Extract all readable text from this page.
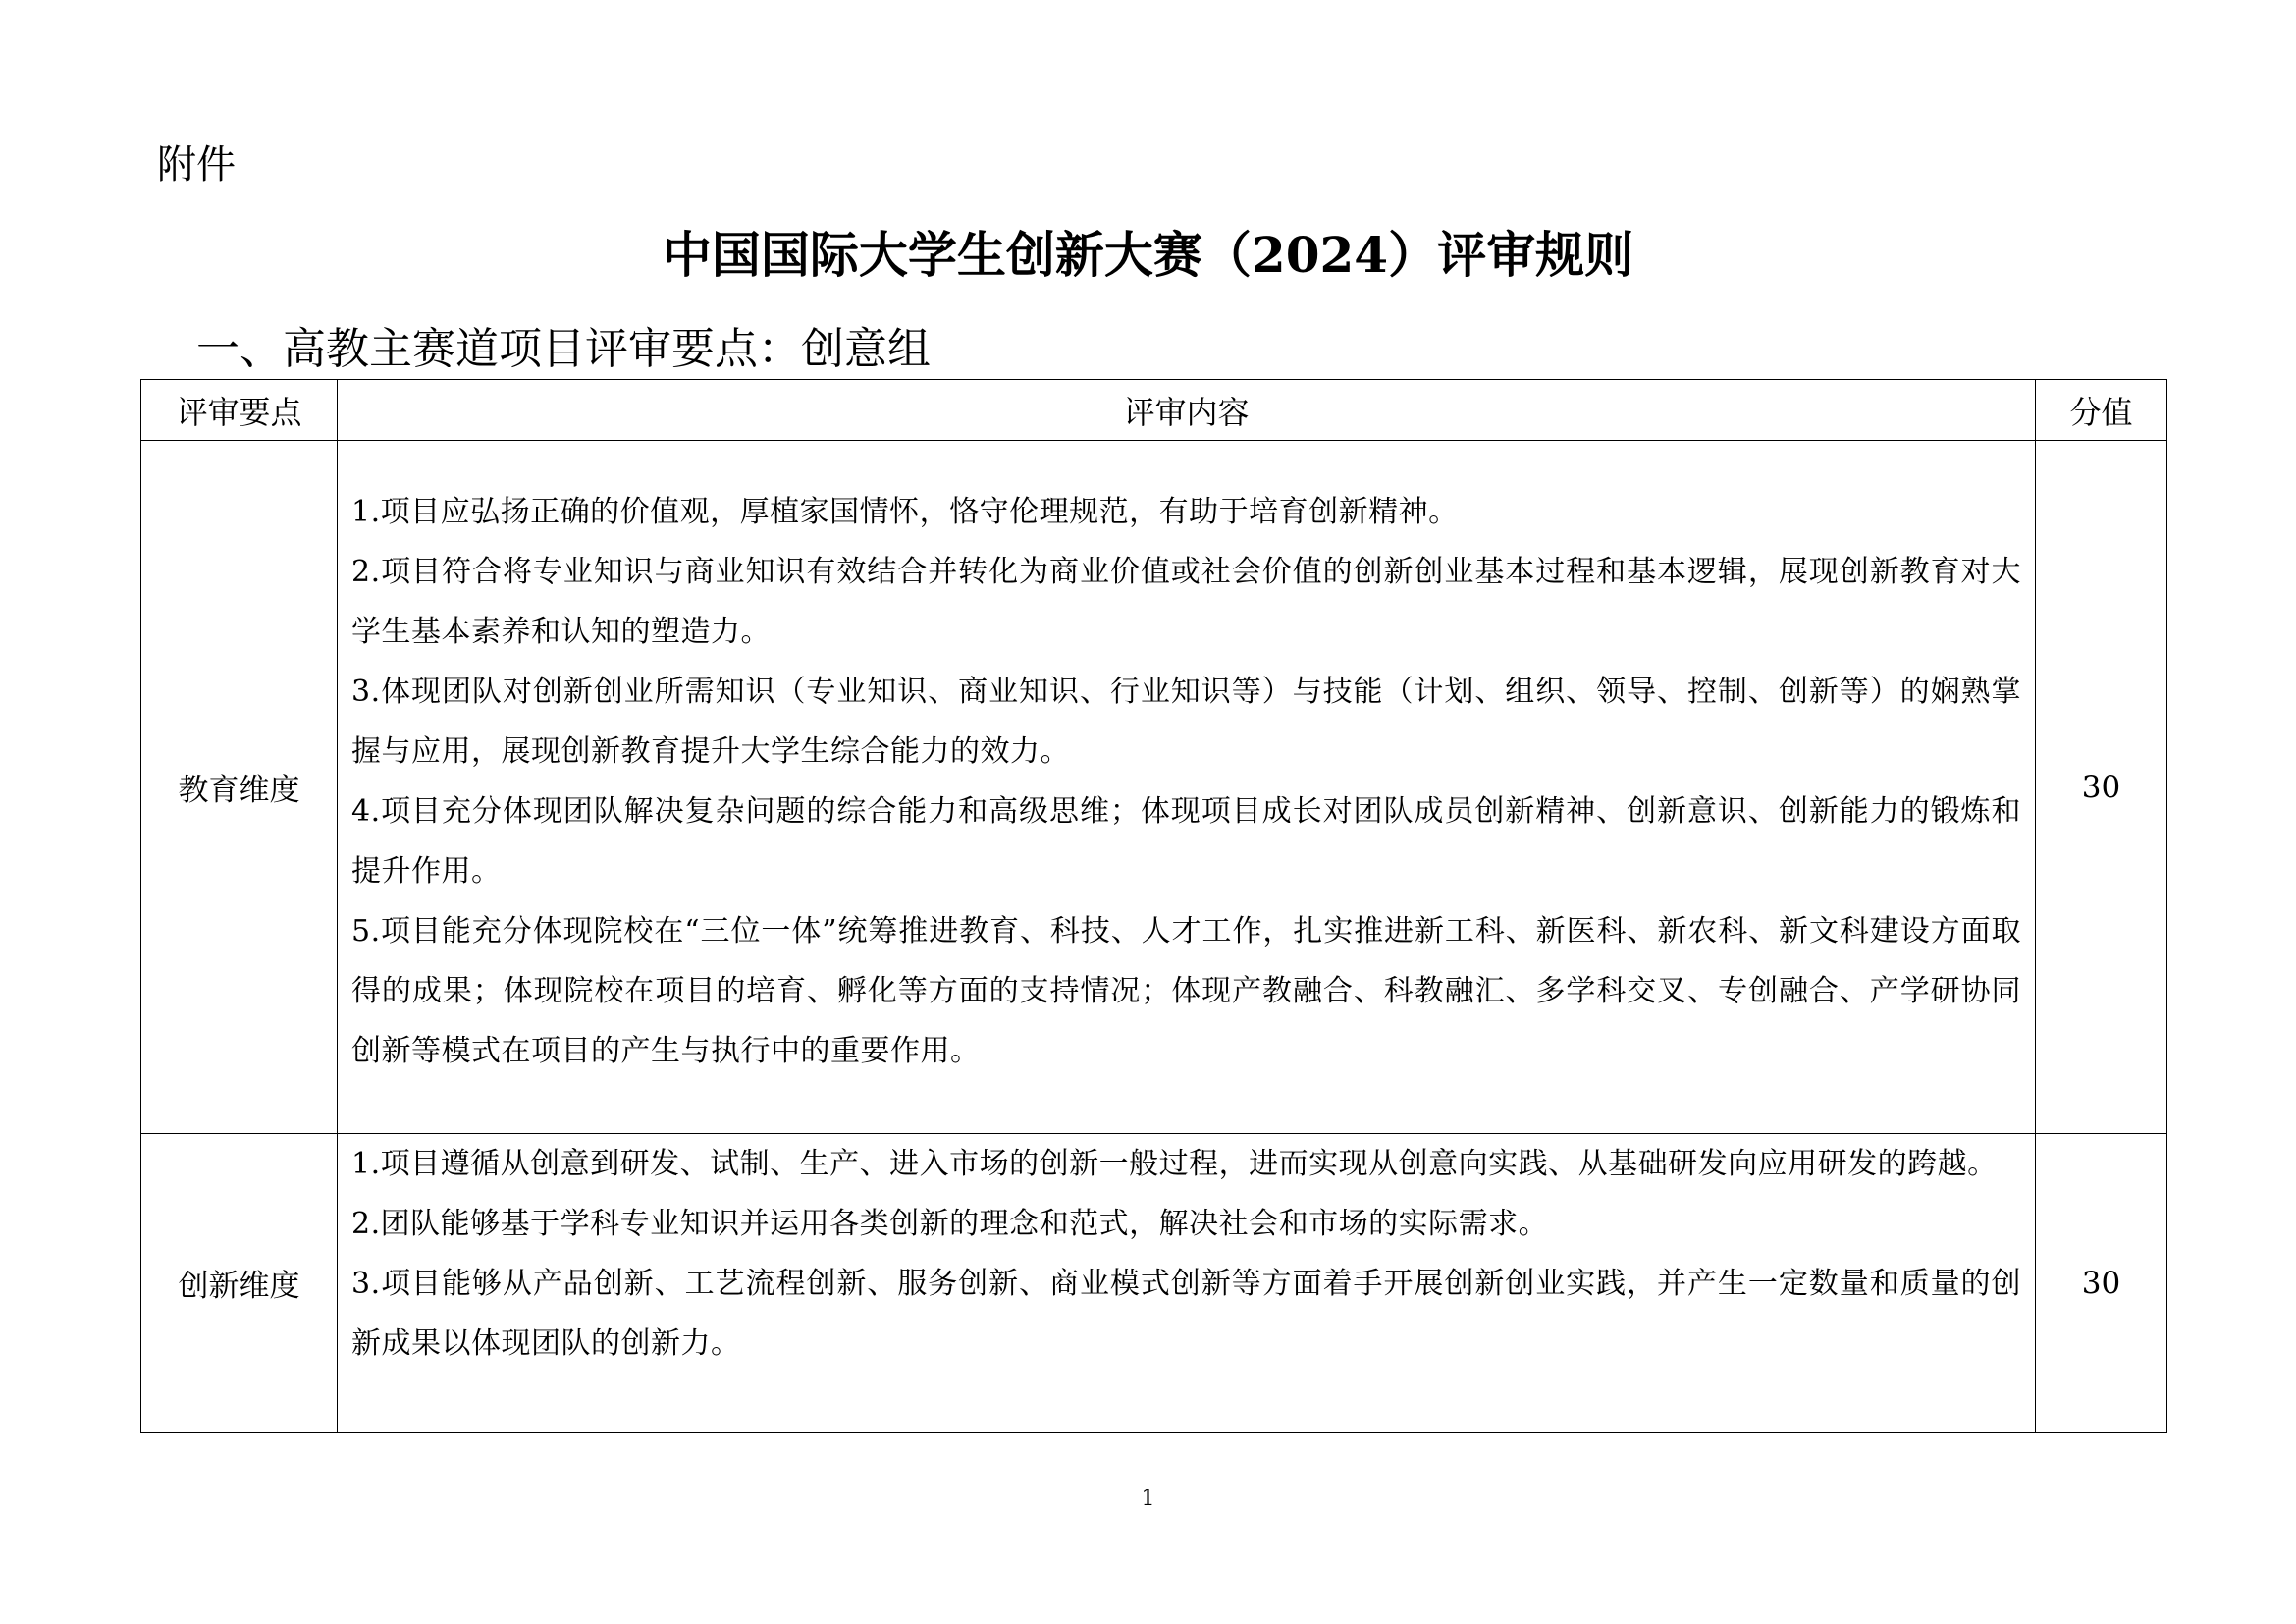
附件
中国国际大学生创新大赛（2024）评审规则
一、高教主赛道项目评审要点：创意组
评审要点	评审内容	分值
教育维度	1.项目应弘扬正确的价值观，厚植家国情怀，恪守伦理规范，有助于培育创新精神。

2.项目符合将专业知识与商业知识有效结合并转化为商业价值或社会价值的创新创业基本过程和基本逻辑，展现创新教育对大学生基本素养和认知的塑造力。

3.体现团队对创新创业所需知识（专业知识、商业知识、行业知识等）与技能（计划、组织、领导、控制、创新等）的娴熟掌握与应用，展现创新教育提升大学生综合能力的效力。

4.项目充分体现团队解决复杂问题的综合能力和高级思维；体现项目成长对团队成员创新精神、创新意识、创新能力的锻炼和提升作用。

5.项目能充分体现院校在“三位一体”统筹推进教育、科技、人才工作，扎实推进新工科、新医科、新农科、新文科建设方面取得的成果；体现院校在项目的培育、孵化等方面的支持情况；体现产教融合、科教融汇、多学科交叉、专创融合、产学研协同创新等模式在项目的产生与执行中的重要作用。	30
创新维度	1.项目遵循从创意到研发、试制、生产、进入市场的创新一般过程，进而实现从创意向实践、从基础研发向应用研发的跨越。

2.团队能够基于学科专业知识并运用各类创新的理念和范式，解决社会和市场的实际需求。

3.项目能够从产品创新、工艺流程创新、服务创新、商业模式创新等方面着手开展创新创业实践，并产生一定数量和质量的创新成果以体现团队的创新力。	30
1
